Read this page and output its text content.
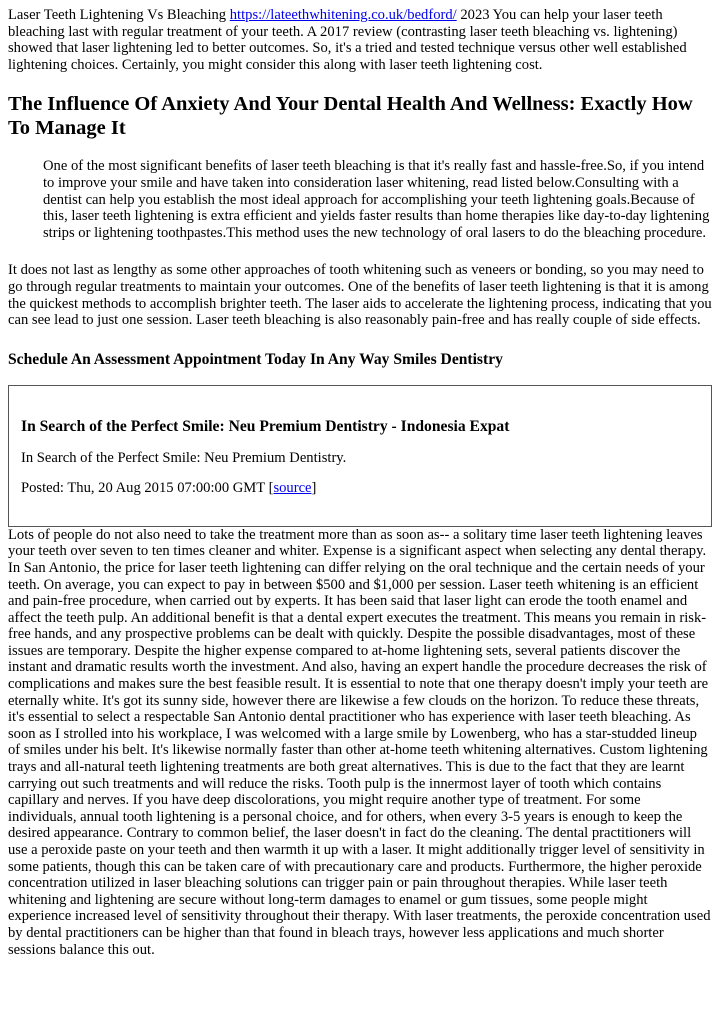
Laser Teeth Lightening Vs Bleaching https://lateethwhitening.co.uk/bedford/ 2023 You can help your laser teeth bleaching last with regular treatment of your teeth. A 2017 review (contrasting laser teeth bleaching vs. lightening) showed that laser lightening led to better outcomes. So, it's a tried and tested technique versus other well established lightening choices. Certainly, you might consider this along with laser teeth lightening cost.

The Influence Of Anxiety And Your Dental Health And Wellness: Exactly How To Manage It
One of the most significant benefits of laser teeth bleaching is that it's really fast and hassle-free.So, if you intend to improve your smile and have taken into consideration laser whitening, read listed below.Consulting with a dentist can help you establish the most ideal approach for accomplishing your teeth lightening goals.Because of this, laser teeth lightening is extra efficient and yields faster results than home therapies like day-to-day lightening strips or lightening toothpastes.This method uses the new technology of oral lasers to do the bleaching procedure.

It does not last as lengthy as some other approaches of tooth whitening such as veneers or bonding, so you may need to go through regular treatments to maintain your outcomes. One of the benefits of laser teeth lightening is that it is among the quickest methods to accomplish brighter teeth. The laser aids to accelerate the lightening process, indicating that you can see lead to just one session. Laser teeth bleaching is also reasonably pain-free and has really couple of side effects.

Schedule An Assessment Appointment Today In Any Way Smiles Dentistry
In Search of the Perfect Smile: Neu Premium Dentistry - Indonesia Expat

In Search of the Perfect Smile: Neu Premium Dentistry.

Posted: Thu, 20 Aug 2015 07:00:00 GMT [source]

Lots of people do not also need to take the treatment more than as soon as-- a solitary time laser teeth lightening leaves your teeth over seven to ten times cleaner and whiter. Expense is a significant aspect when selecting any dental therapy. In San Antonio, the price for laser teeth lightening can differ relying on the oral technique and the certain needs of your teeth. On average, you can expect to pay in between $500 and $1,000 per session. Laser teeth whitening is an efficient and pain-free procedure, when carried out by experts. It has been said that laser light can erode the tooth enamel and affect the teeth pulp. An additional benefit is that a dental expert executes the treatment. This means you remain in risk-free hands, and any prospective problems can be dealt with quickly. Despite the possible disadvantages, most of these issues are temporary. Despite the higher expense compared to at-home lightening sets, several patients discover the instant and dramatic results worth the investment. And also, having an expert handle the procedure decreases the risk of complications and makes sure the best feasible result. It is essential to note that one therapy doesn't imply your teeth are eternally white. It's got its sunny side, however there are likewise a few clouds on the horizon. To reduce these threats, it's essential to select a respectable San Antonio dental practitioner who has experience with laser teeth bleaching. As soon as I strolled into his workplace, I was welcomed with a large smile by Lowenberg, who has a star-studded lineup of smiles under his belt. It's likewise normally faster than other at-home teeth whitening alternatives. Custom lightening trays and all-natural teeth lightening treatments are both great alternatives. This is due to the fact that they are learnt carrying out such treatments and will reduce the risks. Tooth pulp is the innermost layer of tooth which contains capillary and nerves. If you have deep discolorations, you might require another type of treatment. For some individuals, annual tooth lightening is a personal choice, and for others, when every 3-5 years is enough to keep the desired appearance. Contrary to common belief, the laser doesn't in fact do the cleaning. The dental practitioners will use a peroxide paste on your teeth and then warmth it up with a laser. It might additionally trigger level of sensitivity in some patients, though this can be taken care of with precautionary care and products. Furthermore, the higher peroxide concentration utilized in laser bleaching solutions can trigger pain or pain throughout therapies. While laser teeth whitening and lightening are secure without long-term damages to enamel or gum tissues, some people might experience increased level of sensitivity throughout their therapy. With laser treatments, the peroxide concentration used by dental practitioners can be higher than that found in bleach trays, however less applications and much shorter sessions balance this out.
